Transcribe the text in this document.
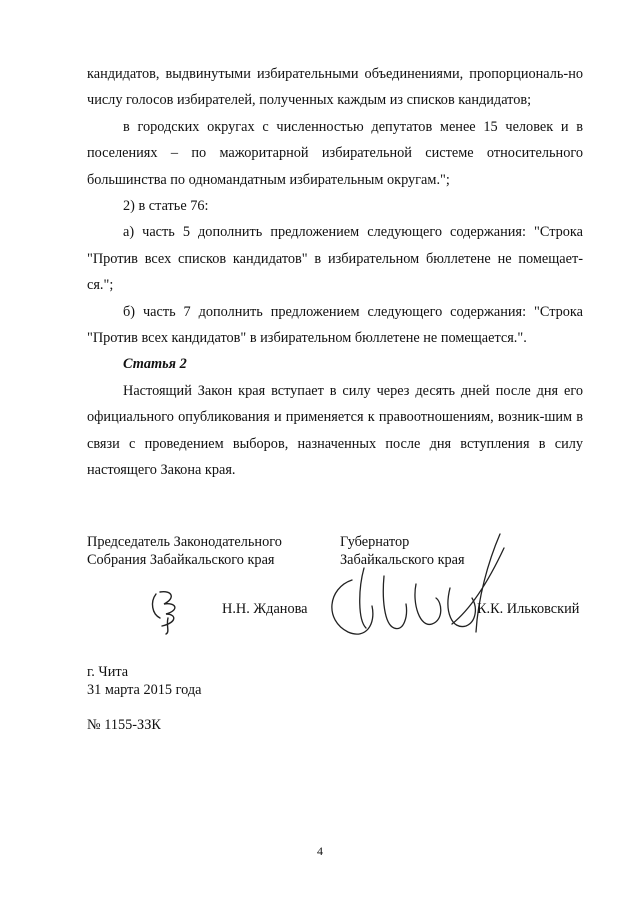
кандидатов, выдвинутыми избирательными объединениями, пропорциональ-но числу голосов избирателей, полученных каждым из списков кандидатов;

в городских округах с численностью депутатов менее 15 человек и в поселениях – по мажоритарной избирательной системе относительного большинства по одномандатным избирательным округам.";

2) в статье 76:

а) часть 5 дополнить предложением следующего содержания: "Строка "Против всех списков кандидатов" в избирательном бюллетене не помещает-ся.";

б) часть 7 дополнить предложением следующего содержания: "Строка "Против всех кандидатов" в избирательном бюллетене не помещается.".

Статья 2

Настоящий Закон края вступает в силу через десять дней после дня его официального опубликования и применяется к правоотношениям, возник-шим в связи с проведением выборов, назначенных после дня вступления в силу настоящего Закона края.

Председатель Законодательного
Собрания Забайкальского края
Губернатор
Забайкальского края
Н.Н. Жданова	К.К. Ильковский
г. Чита
31 марта 2015 года
№ 1155-ЗЗК
4
